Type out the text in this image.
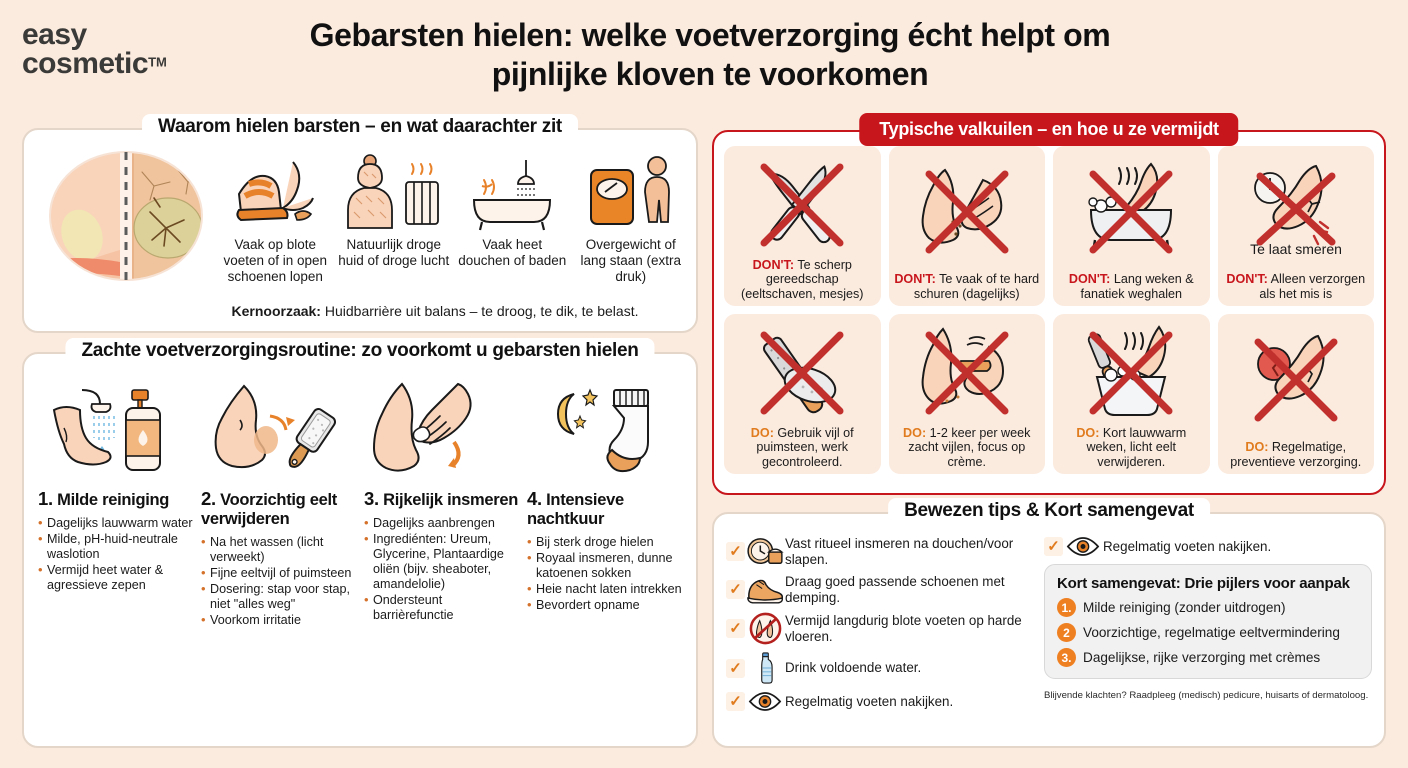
easy
cosmetic™
Gebarsten hielen: welke voetverzorging écht helpt om pijnlijke kloven te voorkomen
Waarom hielen barsten – en wat daarachter zit
Vaak op blote voeten of in open schoenen lopen
Natuurlijk droge huid of droge lucht
Vaak heet douchen of baden
Overgewicht of lang staan (extra druk)
Kernoorzaak: Huidbarrière uit balans – te droog, te dik, te belast.
Zachte voetverzorgingsroutine: zo voorkomt u gebarsten hielen
1. Milde reiniging
• Dagelijks lauwwarm water
• Milde, pH-huid-neutrale waslotion
• Vermijd heet water & agressieve zepen
2. Voorzichtig eelt verwijderen
• Na het wassen (licht verweekt)
• Fijne eeltvijl of puimsteen
• Dosering: stap voor stap, niet "alles weg"
• Voorkom irritatie
3. Rijkelijk insmeren
• Dagelijks aanbrengen
• Ingrediénten: Ureum, Glycerine, Plantaardige oliën (bijv. sheaboter, amandelolie)
• Ondersteunt barrièrefunctie
4. Intensieve nachtkuur
• Bij sterk droge hielen
• Royaal insmeren, dunne katoenen sokken
• Heie nacht laten intrekken
• Bevordert opname
Typische valkuilen – en hoe u ze vermijdt
DON'T: Te scherp gereedschap (eeltschaven, mesjes)
DON'T: Te vaak of te hard schuren (dagelijks)
DON'T: Lang weken & fanatiek weghalen
Te laat smeren
DON'T: Alleen verzorgen als het mis is
DO: Gebruik vijl of puimsteen, werk gecontroleerd.
DO: 1-2 keer per week zacht vijlen, focus op crème.
DO: Kort lauwwarm weken, licht eelt verwijderen.
DO: Regelmatige, preventieve verzorging.
Bewezen tips & Kort samengevat
✓	Vast ritueel insmeren na douchen/voor slapen.
✓	Draag goed passende schoenen met demping.
✓	Vermijd langdurig blote voeten op harde vloeren.
✓	Drink voldoende water.
✓	Regelmatig voeten nakijken.
✓	Regelmatig voeten nakijken.
Kort samengevat: Drie pijlers voor aanpak
1. Milde reiniging (zonder uitdrogen)
2 Voorzichtige, regelmatige eeltvermindering
3. Dagelijkse, rijke verzorging met crèmes
Blijvende klachten? Raadpleeg (medisch) pedicure, huisarts of dermatoloog.
